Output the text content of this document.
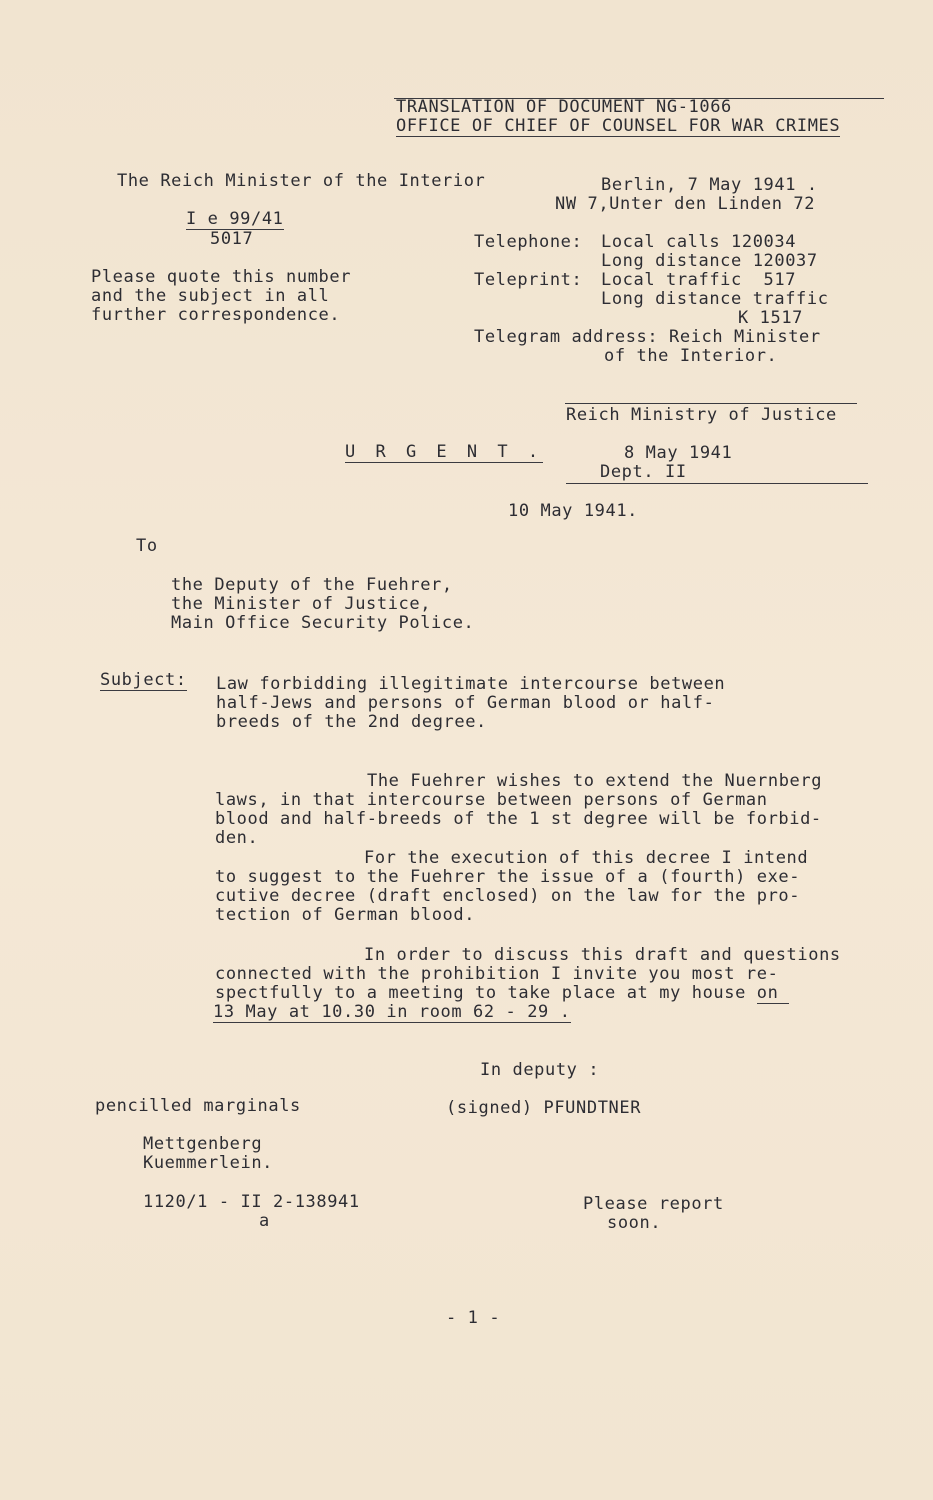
TRANSLATION OF DOCUMENT NG-1066
OFFICE OF CHIEF OF COUNSEL FOR WAR CRIMES
The Reich Minister of the Interior
I e 99/41
5017
Please quote this number
and the subject in all
further correspondence.
Berlin, 7 May 1941 .
NW 7,Unter den Linden 72
Telephone: Local calls 120034
Long distance 120037
Teleprint: Local traffic  517
Long distance traffic
K 1517
Telegram address: Reich Minister
of the Interior.
Reich Ministry of Justice
8 May 1941
Dept. II
U R G E N T .
10 May 1941.
To
the Deputy of the Fuehrer,
the Minister of Justice,
Main Office Security Police.
Subject: Law forbidding illegitimate intercourse between
half-Jews and persons of German blood or half-
breeds of the 2nd degree.
The Fuehrer wishes to extend the Nuernberg
laws, in that intercourse between persons of German
blood and half-breeds of the 1 st degree will be forbid-
den.
For the execution of this decree I intend
to suggest to the Fuehrer the issue of a (fourth) exe-
cutive decree (draft enclosed) on the law for the pro-
tection of German blood.
In order to discuss this draft and questions
connected with the prohibition I invite you most re-
spectfully to a meeting to take place at my house on
13 May at 10.30 in room 62 - 29 .
In deputy :
(signed) PFUNDTNER
pencilled marginals
Mettgenberg
Kuemmerlein.
1120/1 - II 2-138941
a
Please report
soon.
- 1 -
